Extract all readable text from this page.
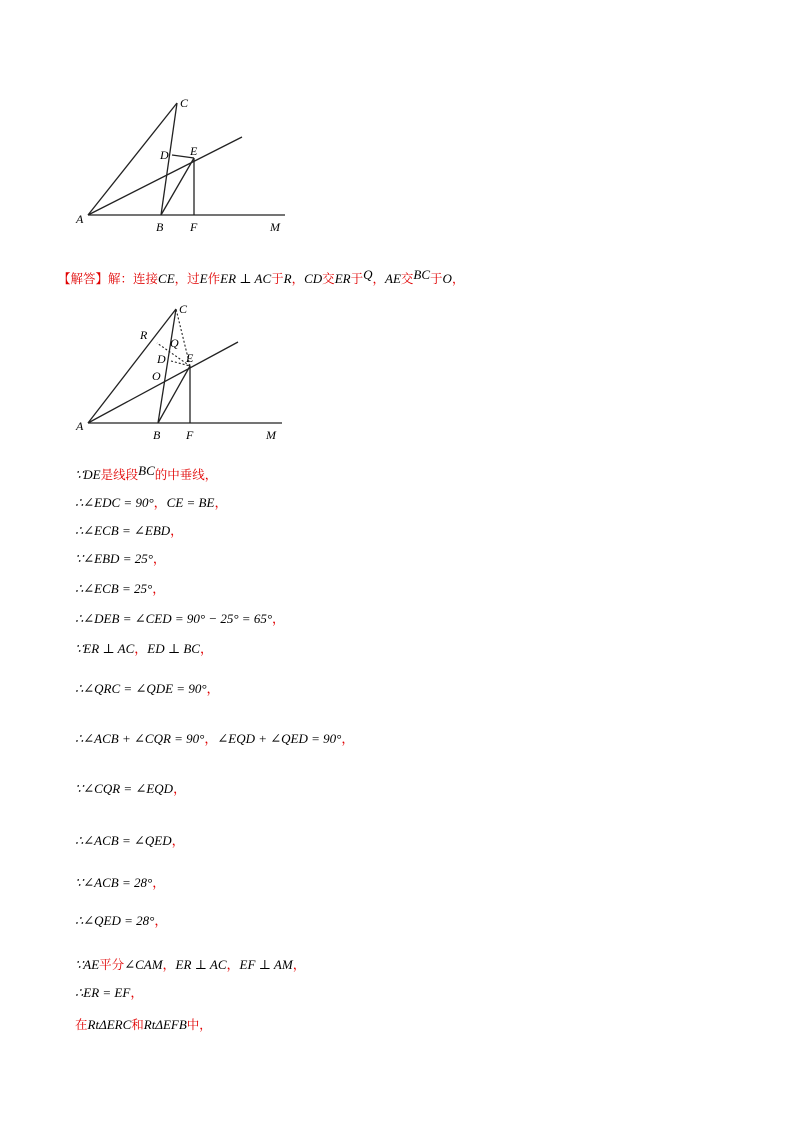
C
D E
A
B F	M
【解答】解：连接CE，过E作ER ⊥ AC于R，CD交ER于Q，AE交BC于O，
C
R
Q
D E
O
A
B F	M
∵DE是线段BC的中垂线，
∴∠EDC = 90°，CE = BE，
∴∠ECB = ∠EBD，
∵∠EBD = 25°，
∴∠ECB = 25°，
∴∠DEB = ∠CED = 90° − 25° = 65°，
∵ER ⊥ AC，ED ⊥ BC，
∴∠QRC = ∠QDE = 90°，
∴∠ACB + ∠CQR = 90°，∠EQD + ∠QED = 90°，
∵∠CQR = ∠EQD，
∴∠ACB = ∠QED，
∵∠ACB = 28°，
∴∠QED = 28°，
∵AE平分∠CAM，ER ⊥ AC，EF ⊥ AM，
∴ER = EF，
在RtΔERC和RtΔEFB中，
